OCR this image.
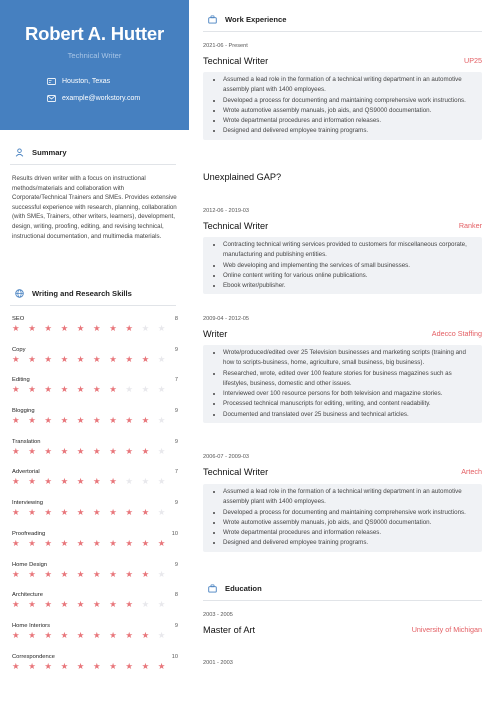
Robert A. Hutter
Technical Writer
Houston, Texas
example@workstory.com
Summary
Results driven writer with a focus on instructional methods/materials and collaboration with Corporate/Technical Trainers and SMEs. Provides extensive successful experience with research, planning, collaboration (with SMEs, Trainers, other writers, learners), development, design, writing, proofing, editing, and revising technical, instructional documentation, and multimedia materials.
Writing and Research Skills
SEO	8
★ ★ ★ ★ ★ ★ ★ ★ ★ ★
Copy	9
★ ★ ★ ★ ★ ★ ★ ★ ★ ★
Editing	7
★ ★ ★ ★ ★ ★ ★ ★ ★ ★
Blogging	9
★ ★ ★ ★ ★ ★ ★ ★ ★ ★
Translation	9
★ ★ ★ ★ ★ ★ ★ ★ ★ ★
Advertorial	7
★ ★ ★ ★ ★ ★ ★ ★ ★ ★
Interviewing	9
★ ★ ★ ★ ★ ★ ★ ★ ★ ★
Proofreading	10
★ ★ ★ ★ ★ ★ ★ ★ ★ ★
Home Design	9
★ ★ ★ ★ ★ ★ ★ ★ ★ ★
Architecture	8
★ ★ ★ ★ ★ ★ ★ ★ ★ ★
Home Interiors	9
★ ★ ★ ★ ★ ★ ★ ★ ★ ★
Correspondence	10
★ ★ ★ ★ ★ ★ ★ ★ ★ ★
Work Experience
2021-06 - Present
Technical Writer	UP25
• Assumed a lead role in the formation of a technical writing department in an automotive assembly plant with 1400 employees.
• Developed a process for documenting and maintaining comprehensive work instructions.
• Wrote automotive assembly manuals, job aids, and QS9000 documentation.
• Wrote departmental procedures and information releases.
• Designed and delivered employee training programs.
Unexplained GAP?
2012-06 - 2019-03
Technical Writer	Ranker
• Contracting technical writing services provided to customers for miscellaneous corporate, manufacturing and publishing entities.
• Web developing and implementing the services of small businesses.
• Online content writing for various online publications.
• Ebook writer/publisher.
2009-04 - 2012-05
Writer	Adecco Staffing
• Wrote/produced/edited over 25 Television businesses and marketing scripts (training and how to scripts-business, home, agriculture, small business, big business).
• Researched, wrote, edited over 100 feature stories for business magazines such as lifestyles, business, domestic and other issues.
• Interviewed over 100 resource persons for both television and magazine stories.
• Processed technical manuscripts for editing, writing, and content readability.
• Documented and translated over 25 business and technical articles.
2006-07 - 2009-03
Technical Writer	Artech
• Assumed a lead role in the formation of a technical writing department in an automotive assembly plant with 1400 employees.
• Developed a process for documenting and maintaining comprehensive work instructions.
• Wrote automotive assembly manuals, job aids, and QS9000 documentation.
• Wrote departmental procedures and information releases.
• Designed and delivered employee training programs.
Education
2003 - 2005
Master of Art	University of Michigan
2001 - 2003
